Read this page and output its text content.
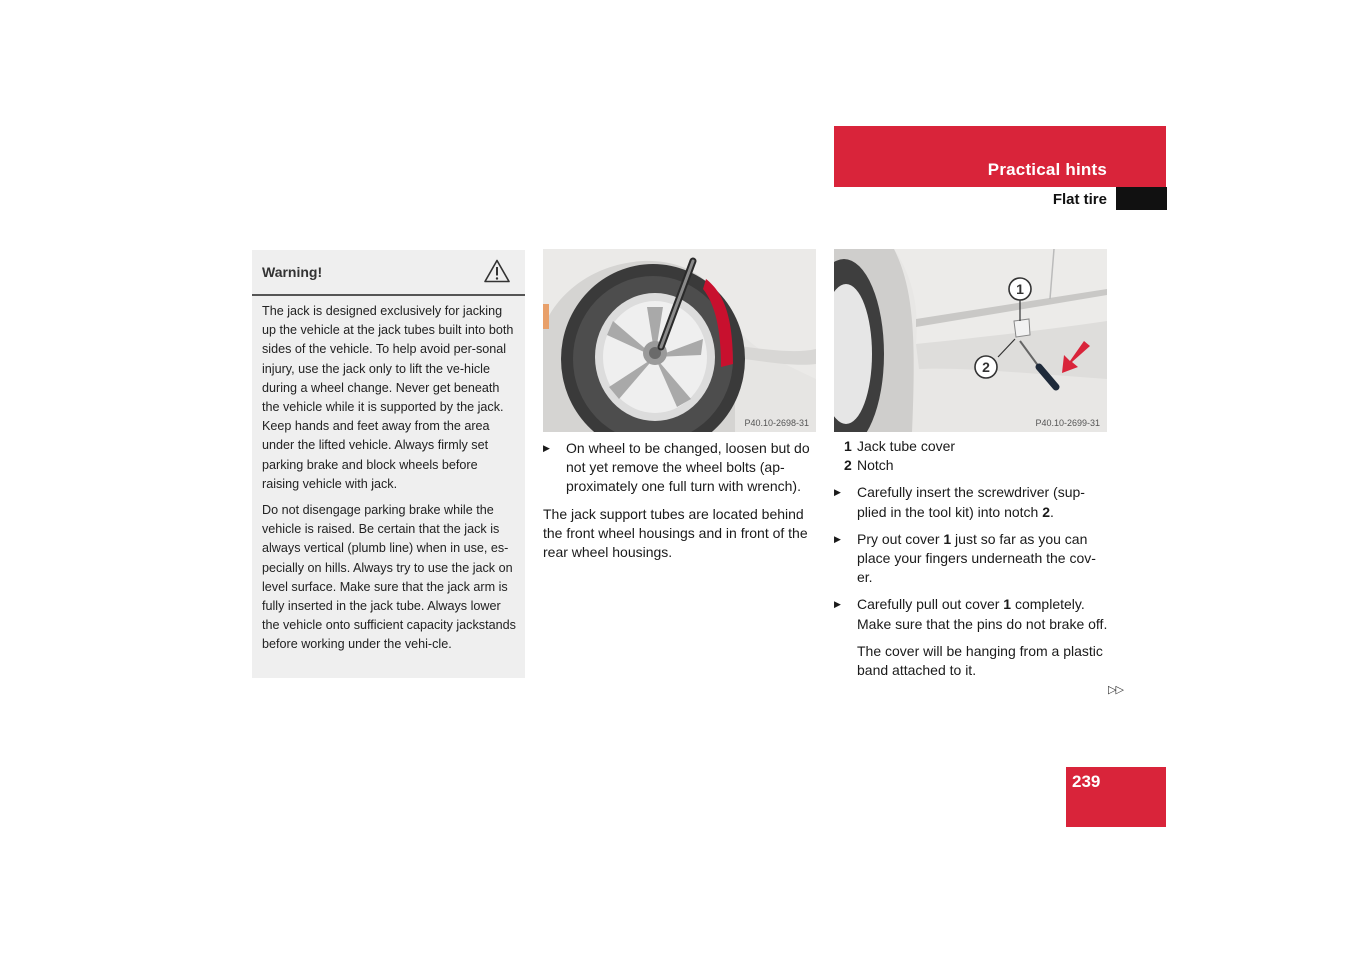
Practical hints
Flat tire
Warning!

The jack is designed exclusively for jacking up the vehicle at the jack tubes built into both sides of the vehicle. To help avoid per-sonal injury, use the jack only to lift the ve-hicle during a wheel change. Never get beneath the vehicle while it is supported by the jack. Keep hands and feet away from the area under the lifted vehicle. Always firmly set parking brake and block wheels before raising vehicle with jack.

Do not disengage parking brake while the vehicle is raised. Be certain that the jack is always vertical (plumb line) when in use, es-pecially on hills. Always try to use the jack on level surface. Make sure that the jack arm is fully inserted in the jack tube. Always lower the vehicle onto sufficient capacity jackstands before working under the vehi-cle.

P40.10-2698-31
1
2
P40.10-2699-31
▶ On wheel to be changed, loosen but do not yet remove the wheel bolts (ap-proximately one full turn with wrench).

The jack support tubes are located behind the front wheel housings and in front of the rear wheel housings.

1 Jack tube cover
2 Notch
▶ Carefully insert the screwdriver (sup-plied in the tool kit) into notch 2.
▶ Pry out cover 1 just so far as you can place your fingers underneath the cov-er.
▶ Carefully pull out cover 1 completely. Make sure that the pins do not brake off.

The cover will be hanging from a plastic band attached to it.

▷▷
239
